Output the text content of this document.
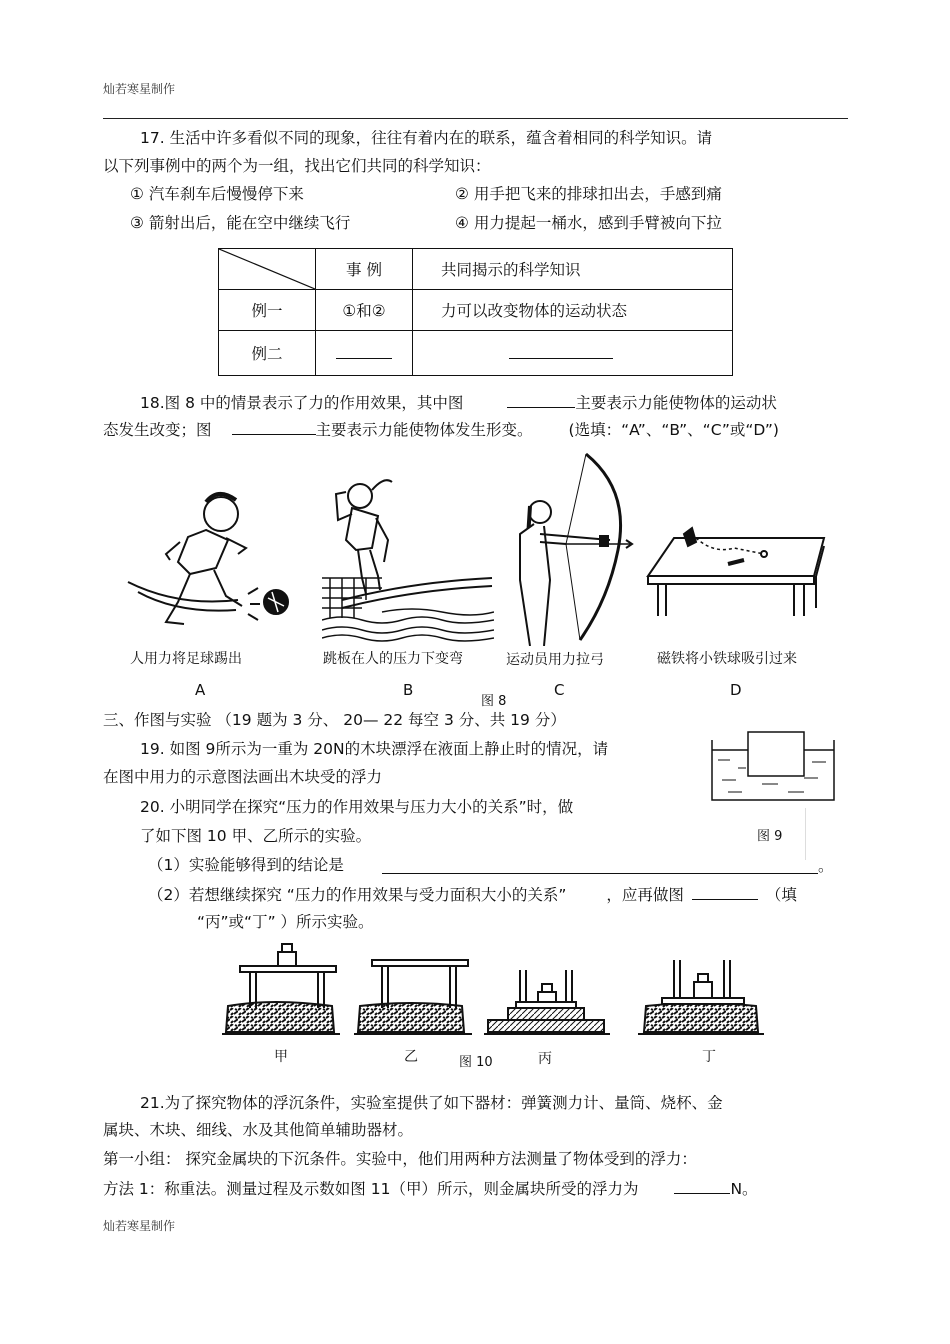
灿若寒星制作
17. 生活中许多看似不同的现象，往往有着内在的联系，蕴含着相同的科学知识。请
以下列事例中的两个为一组，找出它们共同的科学知识：
① 汽车刹车后慢慢停下来	② 用手把飞来的排球扣出去，手感到痛
③ 箭射出后，能在空中继续飞行	④ 用力提起一桶水，感到手臂被向下拉
	事 例	共同揭示的科学知识
例一	①和②	力可以改变物体的运动状态
例二		
18.图 8 中的情景表示了力的作用效果，其中图	主要表示力能使物体的运动状
态发生改变；图	主要表示力能使物体发生形变。 (选填：“A”、“B”、“C”或“D”)
人用力将足球踢出	跳板在人的压力下变弯	运动员用力拉弓	磁铁将小铁球吸引过来
A	B
图 8
C	D
三、作图与实验 （19 题为 3 分、 20— 22 每空 3 分、共 19 分）
19. 如图 9所示为一重为 20N的木块漂浮在液面上静止时的情况，请
在图中用力的示意图法画出木块受的浮力
图 9
20. 小明同学在探究“压力的作用效果与压力大小的关系”时，做
了如下图 10 甲、乙所示的实验。
（1）实验能够得到的结论是	。
（2）若想继续探究 “压力的作用效果与受力面积大小的关系”	，应再做图	（填
“丙”或“丁” ）所示实验。
甲	乙	图 10	丙	丁
21.为了探究物体的浮沉条件，实验室提供了如下器材：弹簧测力计、量筒、烧杯、金
属块、木块、细线、水及其他简单辅助器材。
第一小组： 探究金属块的下沉条件。实验中，他们用两种方法测量了物体受到的浮力：
方法 1：称重法。测量过程及示数如图 11（甲）所示，则金属块所受的浮力为	N。
灿若寒星制作
